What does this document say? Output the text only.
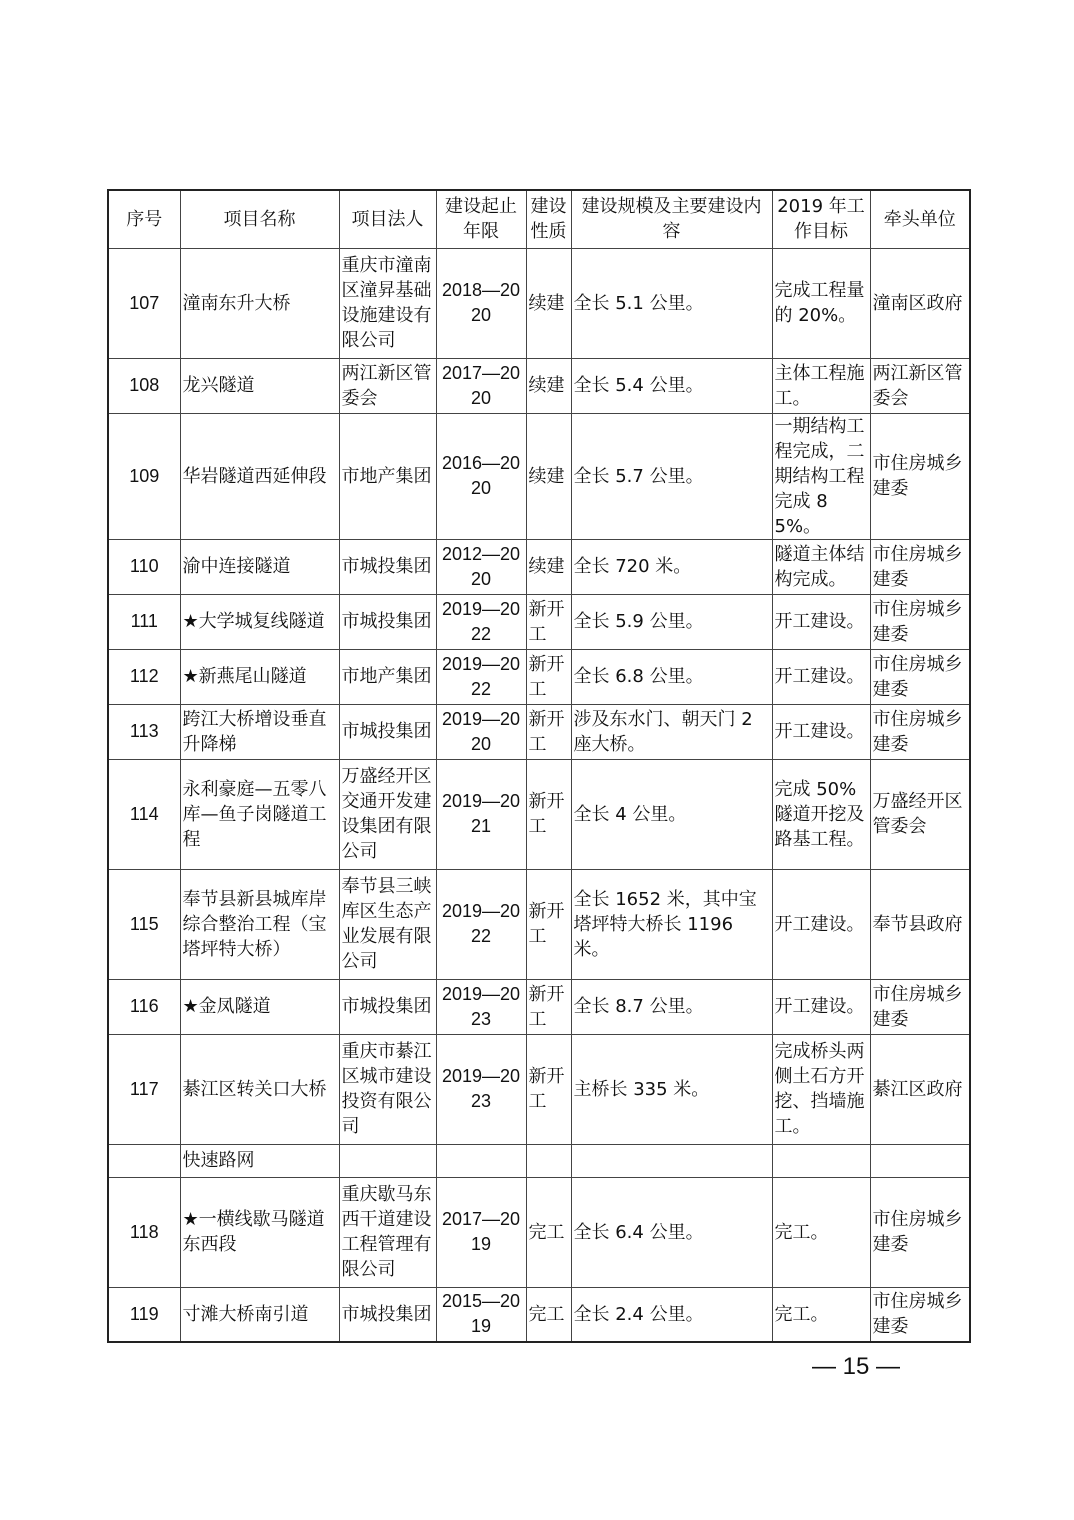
序号	项目名称	项目法人	建设起止年限	建设性质	建设规模及主要建设内容	2019 年工作目标	牵头单位
107	潼南东升大桥	重庆市潼南区潼昇基础设施建设有限公司	2018—2020	续建	全长 5.1 公里。	完成工程量的 20%。	潼南区政府
108	龙兴隧道	两江新区管委会	2017—2020	续建	全长 5.4 公里。	主体工程施工。	两江新区管委会
109	华岩隧道西延伸段	市地产集团	2016—2020	续建	全长 5.7 公里。	一期结构工程完成，二期结构工程完成 85%。	市住房城乡建委
110	渝中连接隧道	市城投集团	2012—2020	续建	全长 720 米。	隧道主体结构完成。	市住房城乡建委
111	★大学城复线隧道	市城投集团	2019—2022	新开工	全长 5.9 公里。	开工建设。	市住房城乡建委
112	★新燕尾山隧道	市地产集团	2019—2022	新开工	全长 6.8 公里。	开工建设。	市住房城乡建委
113	跨江大桥增设垂直升降梯	市城投集团	2019—2020	新开工	涉及东水门、朝天门 2 座大桥。	开工建设。	市住房城乡建委
114	永利豪庭—五零八库—鱼子岗隧道工程	万盛经开区交通开发建设集团有限公司	2019—2021	新开工	全长 4 公里。	完成 50%隧道开挖及路基工程。	万盛经开区管委会
115	奉节县新县城库岸综合整治工程（宝塔坪特大桥）	奉节县三峡库区生态产业发展有限公司	2019—2022	新开工	全长 1652 米，其中宝塔坪特大桥长 1196 米。	开工建设。	奉节县政府
116	★金凤隧道	市城投集团	2019—2023	新开工	全长 8.7 公里。	开工建设。	市住房城乡建委
117	綦江区转关口大桥	重庆市綦江区城市建设投资有限公司	2019—2023	新开工	主桥长 335 米。	完成桥头两侧土石方开挖、挡墙施工。	綦江区政府
	快速路网						
118	★一横线歇马隧道东西段	重庆歇马东西干道建设工程管理有限公司	2017—2019	完工	全长 6.4 公里。	完工。	市住房城乡建委
119	寸滩大桥南引道	市城投集团	2015—2019	完工	全长 2.4 公里。	完工。	市住房城乡建委
— 15 —
